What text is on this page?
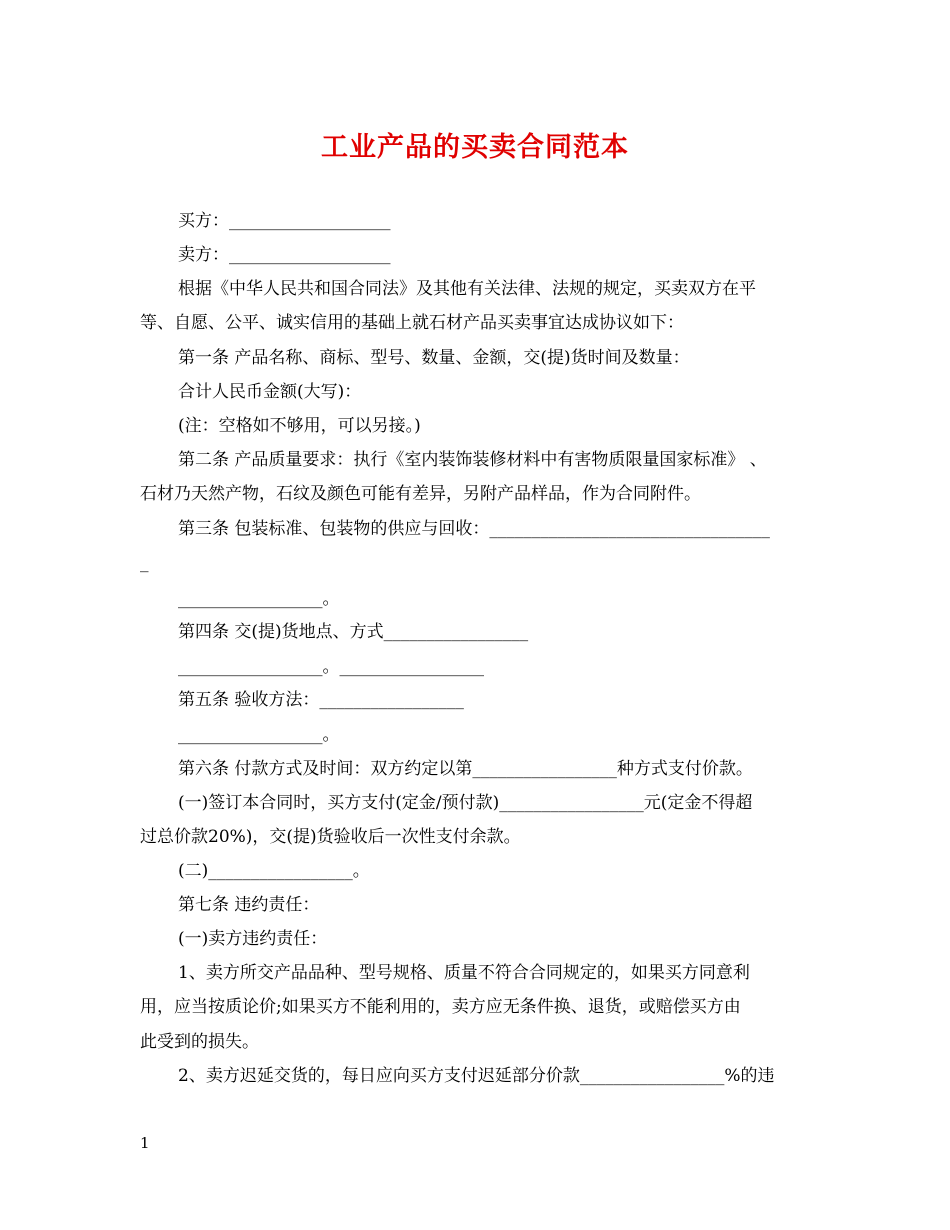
工业产品的买卖合同范本
买方：___________________
卖方：___________________
根据《中华人民共和国合同法》及其他有关法律、法规的规定，买卖双方在平
等、自愿、公平、诚实信用的基础上就石材产品买卖事宜达成协议如下：
第一条 产品名称、商标、型号、数量、金额，交(提)货时间及数量：
合计人民币金额(大写)：
(注：空格如不够用，可以另接。)
第二条 产品质量要求：执行《室内装饰装修材料中有害物质限量国家标准》 、
石材乃天然产物，石纹及颜色可能有差异，另附产品样品，作为合同附件。
第三条 包装标准、包装物的供应与回收：_________________________________
_
_________________。
第四条 交(提)货地点、方式_________________
_________________。_________________
第五条 验收方法：_________________
_________________。
第六条 付款方式及时间：双方约定以第_________________种方式支付价款。
(一)签订本合同时，买方支付(定金/预付款)_________________元(定金不得超
过总价款20%)，交(提)货验收后一次性支付余款。
(二)_________________。
第七条 违约责任：
(一)卖方违约责任：
1、卖方所交产品品种、型号规格、质量不符合合同规定的，如果买方同意利
用，应当按质论价;如果买方不能利用的，卖方应无条件换、退货，或赔偿买方由
此受到的损失。
2、卖方迟延交货的，每日应向买方支付迟延部分价款_________________%的违
1
